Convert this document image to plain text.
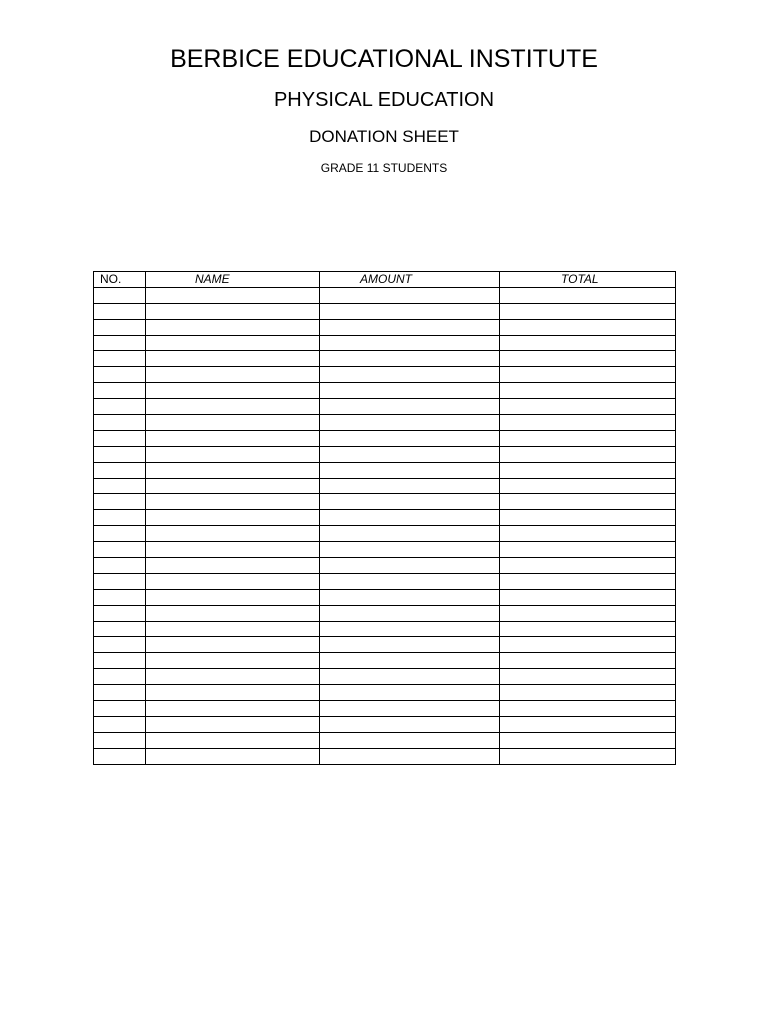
BERBICE EDUCATIONAL INSTITUTE
PHYSICAL EDUCATION
DONATION SHEET
GRADE 11 STUDENTS
NO.	NAME	AMOUNT	TOTAL
